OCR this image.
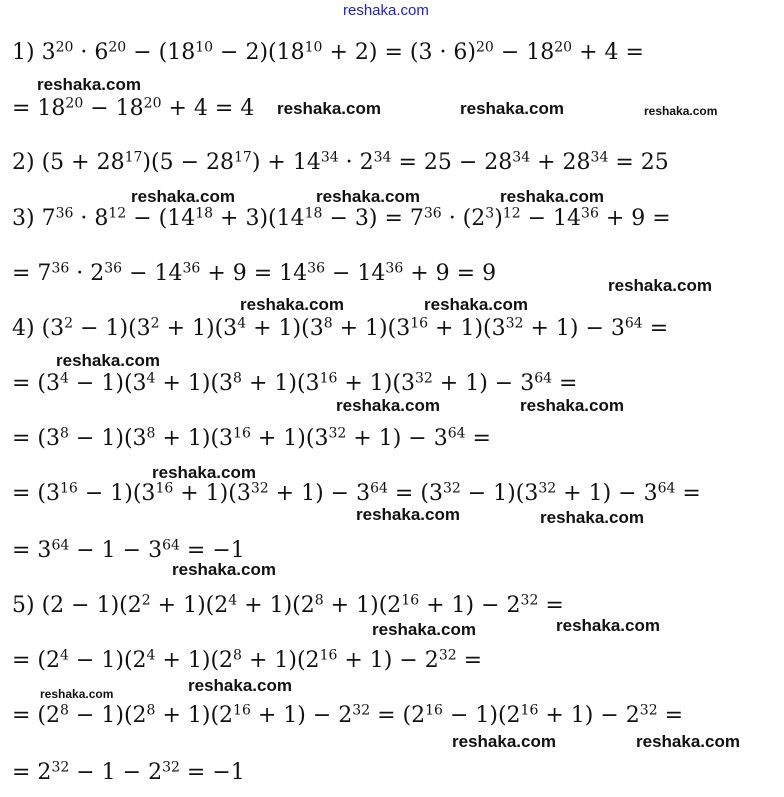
reshaka.com
1) $3^{20} \cdot 6^{20} - (18^{10} - 2)(18^{10} + 2) = (3 \cdot 6)^{20} - 18^{20} + 4$ =
= $18^{20} - 18^{20} + 4 = 4$
2) $(5 + 28^{17})(5 - 28^{17}) + 14^{34} \cdot 2^{34} = 25 - 28^{34} + 28^{34} = 25$
3) $7^{36} \cdot 8^{12} - (14^{18} + 3)(14^{18} - 3) = 7^{36} \cdot (2^3)^{12} - 14^{36} + 9$ =
= $7^{36} \cdot 2^{36} - 14^{36} + 9 = 14^{36} - 14^{36} + 9 = 9$
4) $(3^2 - 1)(3^2 + 1)(3^4 + 1)(3^8 + 1)(3^{16} + 1)(3^{32} + 1) - 3^{64}$ =
= $(3^4 - 1)(3^4 + 1)(3^8 + 1)(3^{16} + 1)(3^{32} + 1) - 3^{64}$ =
= $(3^8 - 1)(3^8 + 1)(3^{16} + 1)(3^{32} + 1) - 3^{64}$ =
= $(3^{16} - 1)(3^{16} + 1)(3^{32} + 1) - 3^{64} = (3^{32} - 1)(3^{32} + 1) - 3^{64}$ =
= $3^{64} - 1 - 3^{64} = -1$
5) $(2 - 1)(2^2 + 1)(2^4 + 1)(2^8 + 1)(2^{16} + 1) - 2^{32}$ =
= $(2^4 - 1)(2^4 + 1)(2^8 + 1)(2^{16} + 1) - 2^{32}$ =
= $(2^8 - 1)(2^8 + 1)(2^{16} + 1) - 2^{32} = (2^{16} - 1)(2^{16} + 1) - 2^{32}$ =
= $2^{32} - 1 - 2^{32} = -1$
reshaka.com
reshaka.com	reshaka.com	reshaka.com
reshaka.com	reshaka.com	reshaka.com
reshaka.com
reshaka.com	reshaka.com
reshaka.com
reshaka.com	reshaka.com
reshaka.com
reshaka.com	reshaka.com
reshaka.com
reshaka.com	reshaka.com
reshaka.com
reshaka.com
reshaka.com	reshaka.com
